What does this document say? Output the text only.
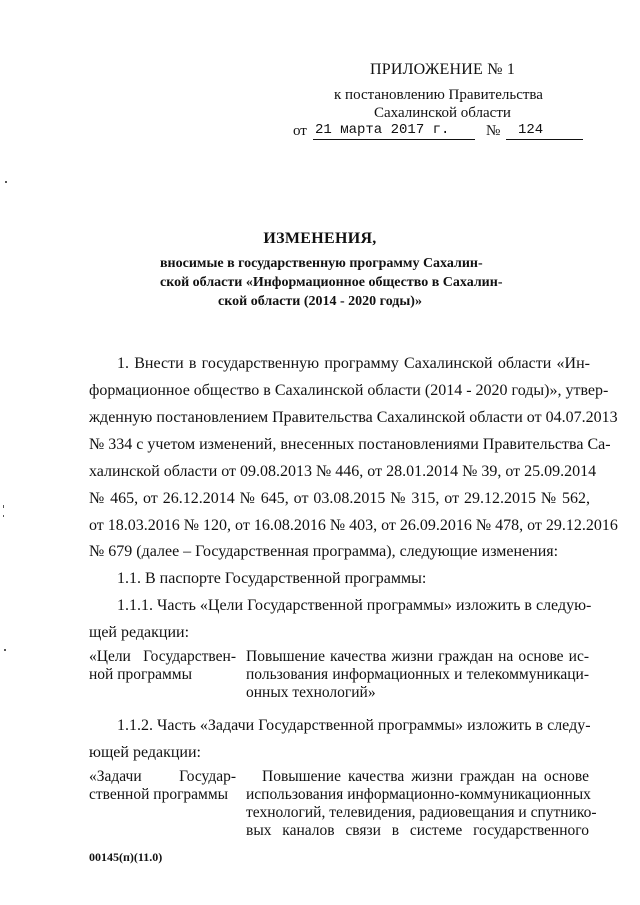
ПРИЛОЖЕНИЕ № 1
к постановлению Правительства
Сахалинской области
от 21 марта 2017 г.	№	124
ИЗМЕНЕНИЯ,
вносимые в государственную программу Сахалин-
ской области «Информационное общество в Сахалин-
ской области (2014 - 2020 годы)»
1. Внести в государственную программу Сахалинской области «Ин-
формационное общество в Сахалинской области (2014 - 2020 годы)», утвер-
жденную постановлением Правительства Сахалинской области от 04.07.2013
№ 334 с учетом изменений, внесенных постановлениями Правительства Са-
халинской области от 09.08.2013 № 446, от 28.01.2014 № 39, от 25.09.2014
№ 465, от 26.12.2014 № 645, от 03.08.2015 № 315, от 29.12.2015 № 562,
от 18.03.2016 № 120, от 16.08.2016 № 403, от 26.09.2016 № 478, от 29.12.2016
№ 679 (далее – Государственная программа), следующие изменения:
1.1. В паспорте Государственной программы:
1.1.1. Часть «Цели Государственной программы» изложить в следую-
щей редакции:
«Цели Государствен-
ной программы
Повышение качества жизни граждан на основе ис-
пользования информационных и телекоммуникаци-
онных технологий»
1.1.2. Часть «Задачи Государственной программы» изложить в следу-
ющей редакции:
«Задачи Государ-
ственной программы
Повышение качества жизни граждан на основе
использования информационно-коммуникационных
технологий, телевидения, радиовещания и спутнико-
вых каналов связи в системе государственного
00145(п)(11.0)
